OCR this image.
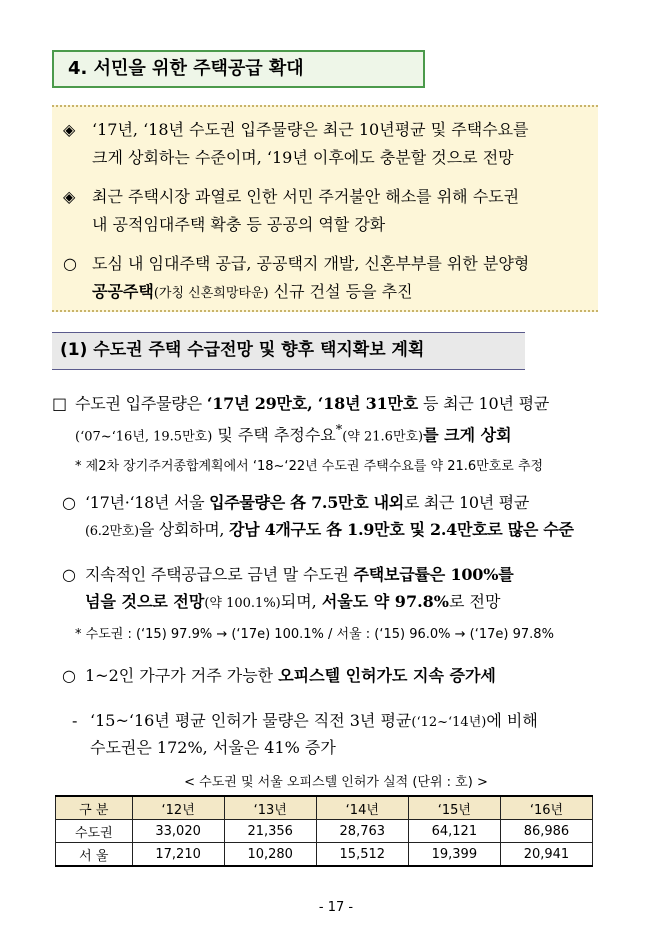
4. 서민을 위한 주택공급 확대
◈ ‘17년, ‘18년 수도권 입주물량은 최근 10년평균 및 주택수요를
크게 상회하는 수준이며, ‘19년 이후에도 충분할 것으로 전망
◈ 최근 주택시장 과열로 인한 서민 주거불안 해소를 위해 수도권
내 공적임대주택 확충 등 공공의 역할 강화
○ 도심 내 임대주택 공급, 공공택지 개발, 신혼부부를 위한 분양형
공공주택(가칭 신혼희망타운) 신규 건설 등을 추진
(1) 수도권 주택 수급전망 및 향후 택지확보 계획
□ 수도권 입주물량은 ‘17년 29만호, ‘18년 31만호 등 최근 10년 평균
(‘07~‘16년, 19.5만호) 및 주택 추정수요*(약 21.6만호)를 크게 상회
* 제2차 장기주거종합계획에서 ‘18~‘22년 수도권 주택수요를 약 21.6만호로 추정
○ ‘17년·‘18년 서울 입주물량은 各 7.5만호 내외로 최근 10년 평균
(6.2만호)을 상회하며, 강남 4개구도 各 1.9만호 및 2.4만호로 많은 수준
○ 지속적인 주택공급으로 금년 말 수도권 주택보급률은 100%를
넘을 것으로 전망(약 100.1%)되며, 서울도 약 97.8%로 전망
* 수도권 : (‘15) 97.9% → (‘17e) 100.1% / 서울 : (‘15) 96.0% → (‘17e) 97.8%
○ 1~2인 가구가 거주 가능한 오피스텔 인허가도 지속 증가세
- ‘15~‘16년 평균 인허가 물량은 직전 3년 평균(‘12~‘14년)에 비해
수도권은 172%, 서울은 41% 증가
< 수도권 및 서울 오피스텔 인허가 실적 (단위 : 호) >
구 분	‘12년	‘13년	‘14년	‘15년	‘16년
수도권	33,020	21,356	28,763	64,121	86,986
서 울	17,210	10,280	15,512	19,399	20,941
- 17 -
